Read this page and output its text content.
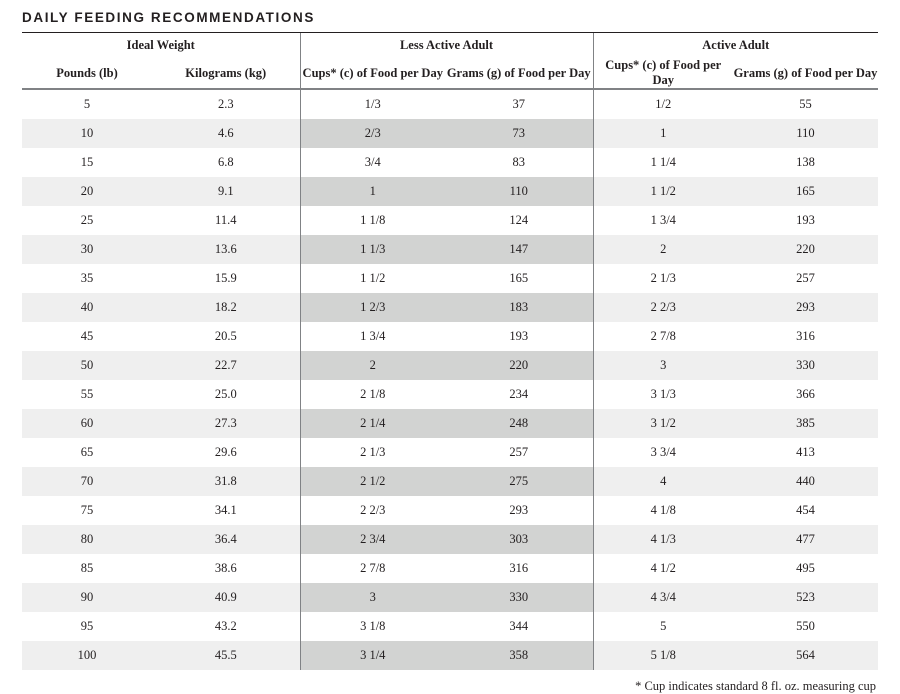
DAILY FEEDING RECOMMENDATIONS
Ideal Weight		Less Active Adult		Active Adult	
Pounds (lb)	Kilograms (kg)	Cups* (c) of Food per Day	Grams (g) of Food per Day	Cups* (c) of Food per Day	Grams (g) of Food per Day
5	2.3	1/3	37	1/2	55
10	4.6	2/3	73	1	110
15	6.8	3/4	83	1 1/4	138
20	9.1	1	110	1 1/2	165
25	11.4	1 1/8	124	1 3/4	193
30	13.6	1 1/3	147	2	220
35	15.9	1 1/2	165	2 1/3	257
40	18.2	1 2/3	183	2 2/3	293
45	20.5	1 3/4	193	2 7/8	316
50	22.7	2	220	3	330
55	25.0	2 1/8	234	3 1/3	366
60	27.3	2 1/4	248	3 1/2	385
65	29.6	2 1/3	257	3 3/4	413
70	31.8	2 1/2	275	4	440
75	34.1	2 2/3	293	4 1/8	454
80	36.4	2 3/4	303	4 1/3	477
85	38.6	2 7/8	316	4 1/2	495
90	40.9	3	330	4 3/4	523
95	43.2	3 1/8	344	5	550
100	45.5	3 1/4	358	5 1/8	564
* Cup indicates standard 8 fl. oz. measuring cup
